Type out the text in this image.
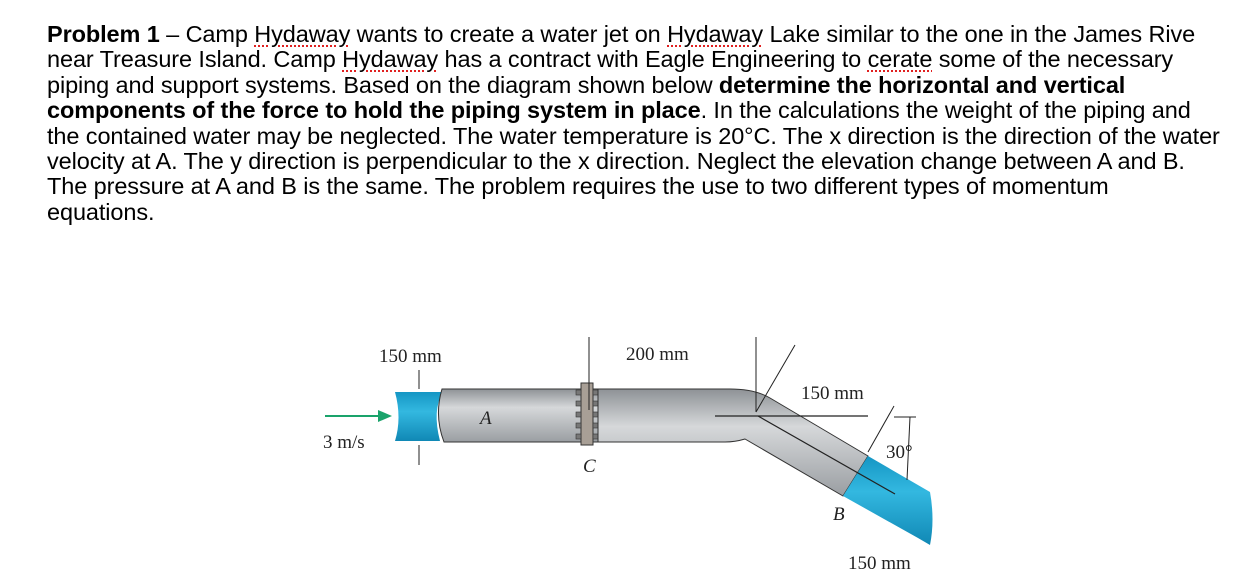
Problem 1 – Camp Hydaway wants to create a water jet on Hydaway Lake similar to the one in the James Rive near Treasure Island. Camp Hydaway has a contract with Eagle Engineering to cerate some of the necessary piping and support systems. Based on the diagram shown below determine the horizontal and vertical components of the force to hold the piping system in place. In the calculations the weight of the piping and the contained water may be neglected. The water temperature is 20°C. The x direction is the direction of the water velocity at A. The y direction is perpendicular to the x direction. Neglect the elevation change between A and B. The pressure at A and B is the same. The problem requires the use to two different types of momentum equations.
150 mm
3 m/s
A
C
200 mm
150 mm
30°
B
150 mm
